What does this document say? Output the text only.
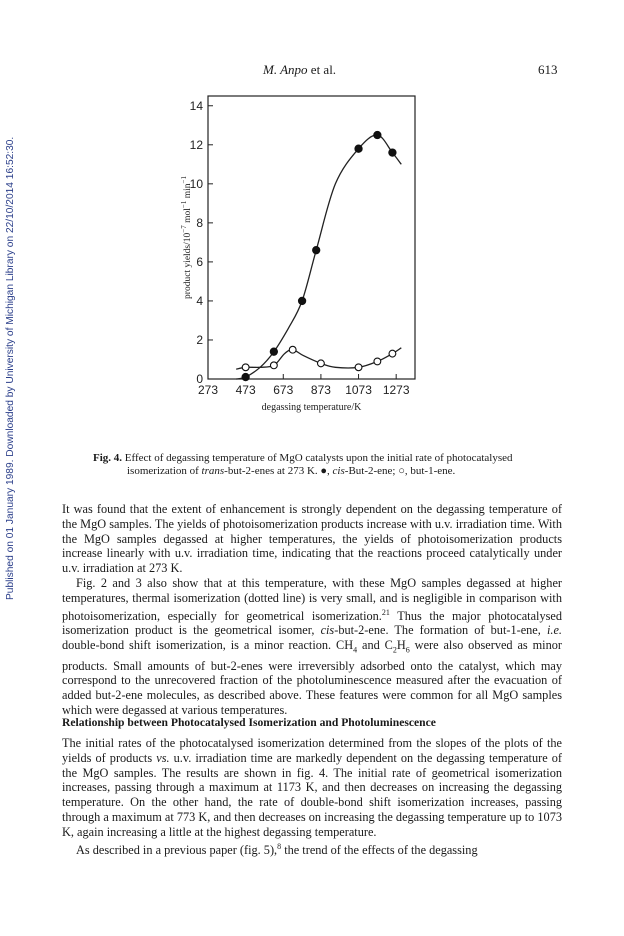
Published on 01 January 1989. Downloaded by University of Michigan Library on 22/10/2014 16:52:30.
M. Anpo et al.	613
0
2
4
6
8
10
12
14
273 473 673 873 1073 1273
degassing temperature/K
product yields/$10^{-7}$ mol$^{-1}$ $\min^{-1}$
Fig. 4. Effect of degassing temperature of MgO catalysts upon the initial rate of photocatalysed
isomerization of trans-but-2-enes at 273 K. ●, cis-But-2-ene; ○, but-1-ene.

It was found that the extent of enhancement is strongly dependent on the degassing temperature of the MgO samples. The yields of photoisomerization products increase with u.v. irradiation time. With the MgO samples degassed at higher temperatures, the yields of photoisomerization products increase linearly with u.v. irradiation time, indicating that the reactions proceed catalytically under u.v. irradiation at 273 K.

Fig. 2 and 3 also show that at this temperature, with these MgO samples degassed at higher temperatures, thermal isomerization (dotted line) is very small, and is negligible in comparison with photoisomerization, especially for geometrical isomerization.$^{21}$ Thus the major photocatalysed isomerization product is the geometrical isomer, cis-but-2-ene. The formation of but-1-ene, i.e. double-bond shift isomerization, is a minor reaction. $CH_4$ and $C_2H_6$ were also observed as minor products. Small amounts of but-2-enes were irreversibly adsorbed onto the catalyst, which may correspond to the unrecovered fraction of the photoluminescence measured after the evacuation of added but-2-ene molecules, as described above. These features were common for all MgO samples which were degassed at various temperatures.

Relationship between Photocatalysed Isomerization and Photoluminescence

The initial rates of the photocatalysed isomerization determined from the slopes of the plots of the yields of products vs. u.v. irradiation time are markedly dependent on the degassing temperature of the MgO samples. The results are shown in fig. 4. The initial rate of geometrical isomerization increases, passing through a maximum at 1173 K, and then decreases on increasing the degassing temperature. On the other hand, the rate of double-bond shift isomerization increases, passing through a maximum at 773 K, and then decreases on increasing the degassing temperature up to 1073 K, again increasing a little at the highest degassing temperature.

As described in a previous paper (fig. 5),$^8$ the trend of the effects of the degassing
